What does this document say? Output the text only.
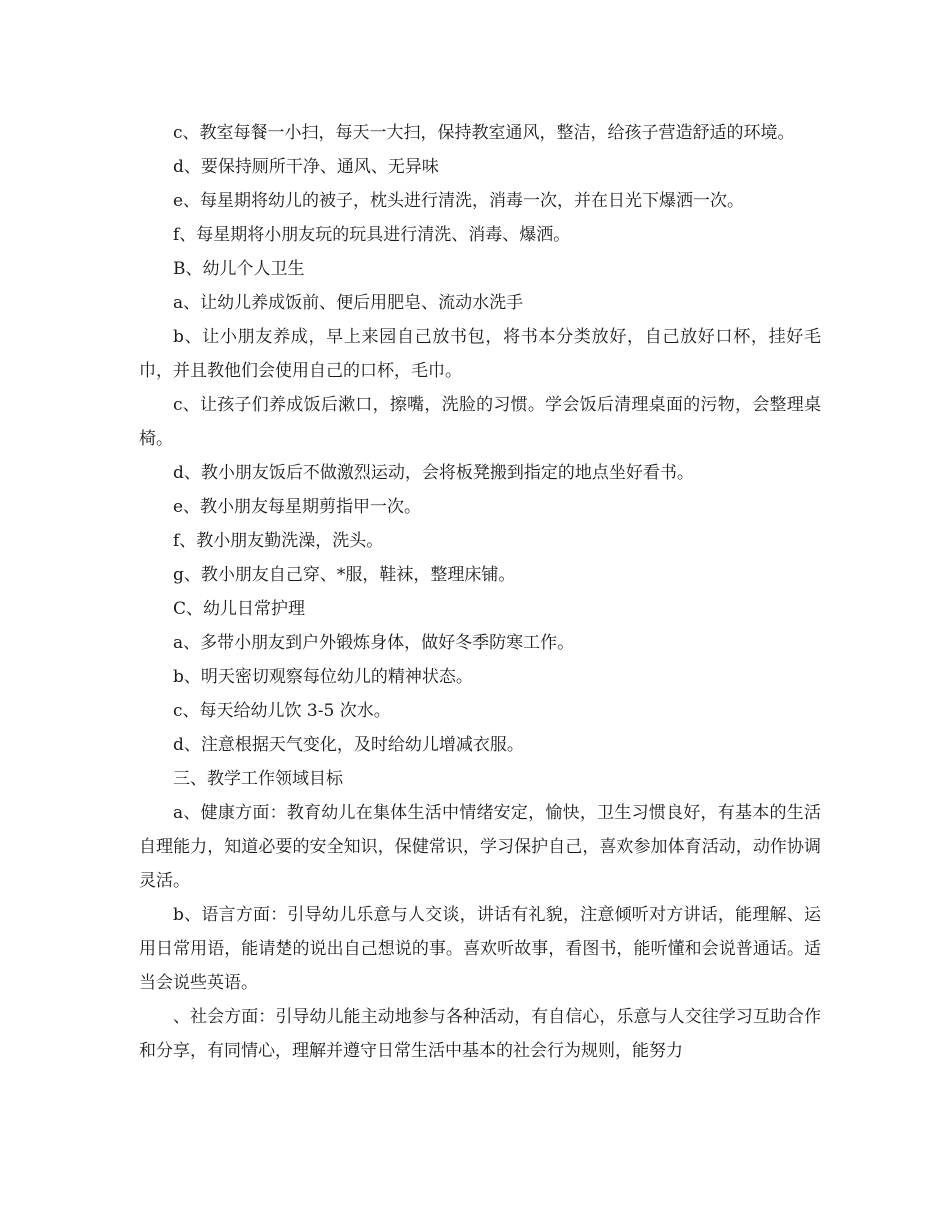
c、教室每餐一小扫，每天一大扫，保持教室通风，整洁，给孩子营造舒适的环境。

d、要保持厕所干净、通风、无异味

e、每星期将幼儿的被子，枕头进行清洗，消毒一次，并在日光下爆洒一次。

f、每星期将小朋友玩的玩具进行清洗、消毒、爆洒。

B、幼儿个人卫生

a、让幼儿养成饭前、便后用肥皂、流动水洗手

b、让小朋友养成，早上来园自己放书包，将书本分类放好，自己放好口杯，挂好毛巾，并且教他们会使用自己的口杯，毛巾。

c、让孩子们养成饭后漱口，擦嘴，洗脸的习惯。学会饭后清理桌面的污物，会整理桌椅。

d、教小朋友饭后不做激烈运动，会将板凳搬到指定的地点坐好看书。

e、教小朋友每星期剪指甲一次。

f、教小朋友勤洗澡，洗头。

g、教小朋友自己穿、*服，鞋袜，整理床铺。

C、幼儿日常护理

a、多带小朋友到户外锻炼身体，做好冬季防寒工作。

b、明天密切观察每位幼儿的精神状态。

c、每天给幼儿饮 3-5 次水。

d、注意根据天气变化，及时给幼儿增减衣服。

三、教学工作领域目标

a、健康方面：教育幼儿在集体生活中情绪安定，愉快，卫生习惯良好，有基本的生活自理能力，知道必要的安全知识，保健常识，学习保护自己，喜欢参加体育活动，动作协调灵活。

b、语言方面：引导幼儿乐意与人交谈，讲话有礼貌，注意倾听对方讲话，能理解、运用日常用语，能请楚的说出自己想说的事。喜欢听故事，看图书，能听懂和会说普通话。适当会说些英语。

、社会方面：引导幼儿能主动地参与各种活动，有自信心，乐意与人交往学习互助合作和分享，有同情心，理解并遵守日常生活中基本的社会行为规则，能努力
